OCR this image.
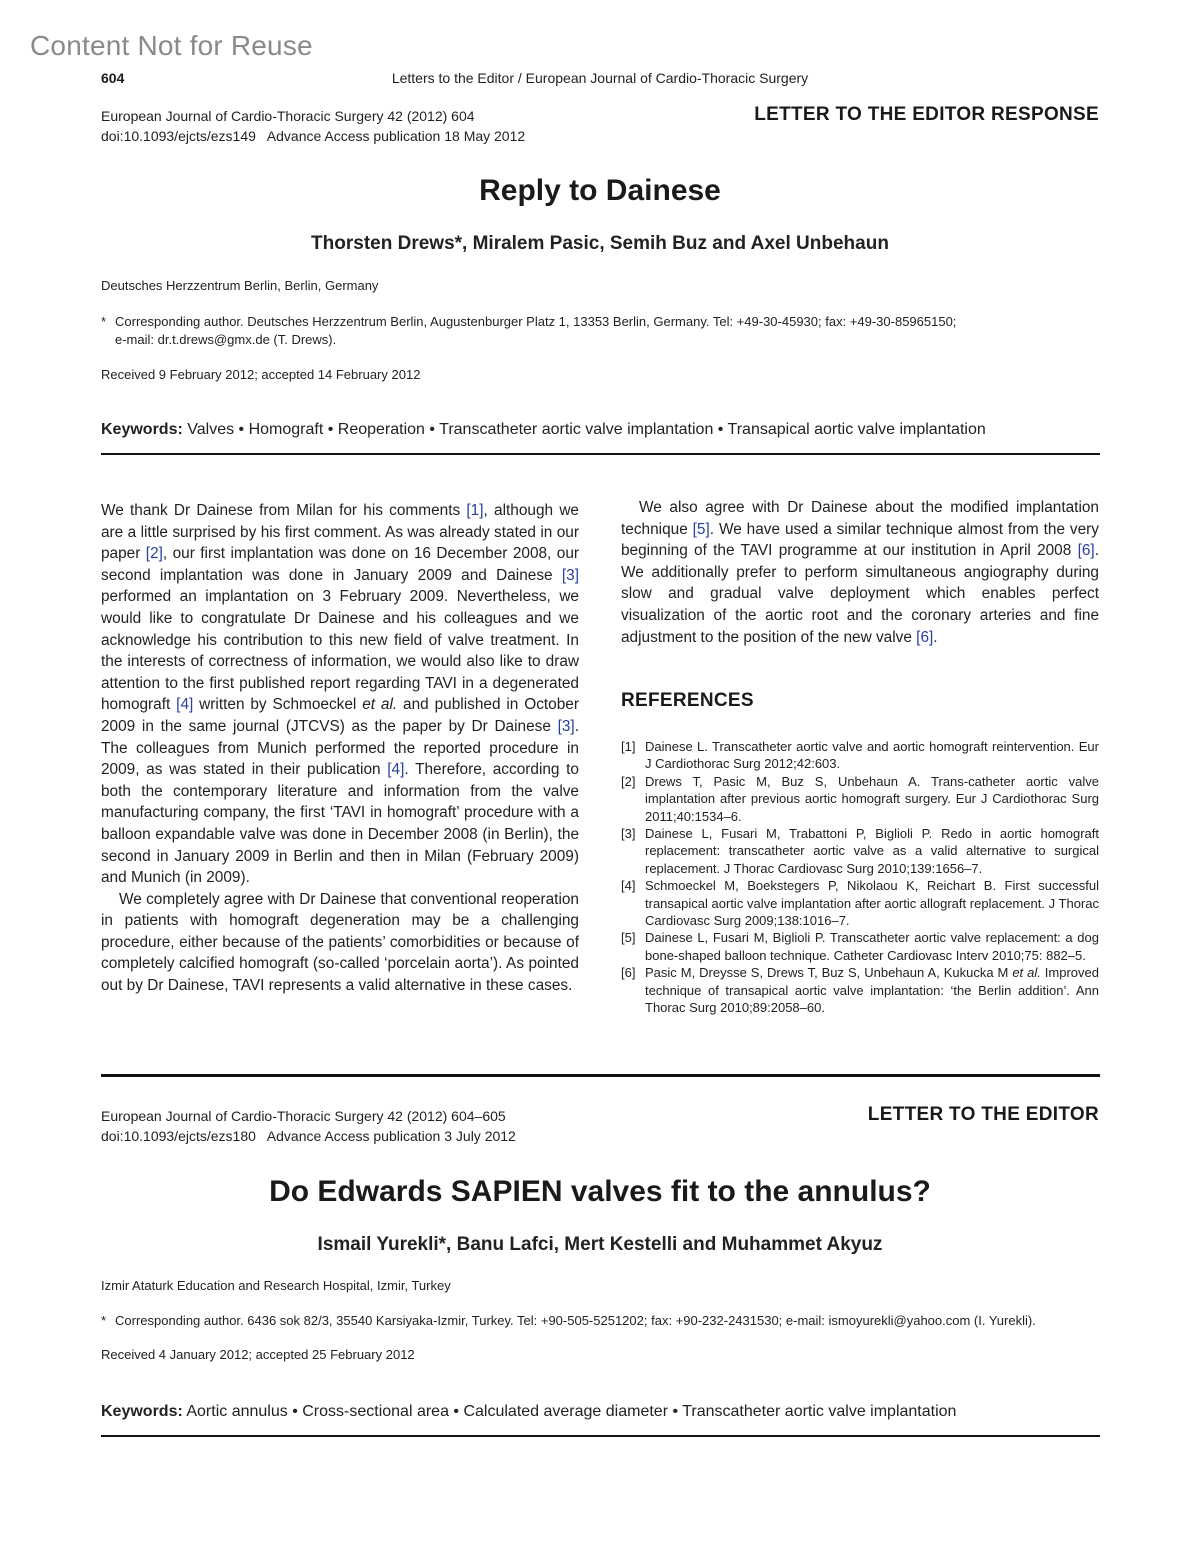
Content Not for Reuse
604	Letters to the Editor / European Journal of Cardio-Thoracic Surgery
European Journal of Cardio-Thoracic Surgery 42 (2012) 604
doi:10.1093/ejcts/ezs149   Advance Access publication 18 May 2012
LETTER TO THE EDITOR RESPONSE
Reply to Dainese
Thorsten Drews*, Miralem Pasic, Semih Buz and Axel Unbehaun
Deutsches Herzzentrum Berlin, Berlin, Germany
* Corresponding author. Deutsches Herzzentrum Berlin, Augustenburger Platz 1, 13353 Berlin, Germany. Tel: +49-30-45930; fax: +49-30-85965150;
e-mail: dr.t.drews@gmx.de (T. Drews).
Received 9 February 2012; accepted 14 February 2012
Keywords: Valves • Homograft • Reoperation • Transcatheter aortic valve implantation • Transapical aortic valve implantation

We thank Dr Dainese from Milan for his comments [1], although we are a little surprised by his first comment. As was already stated in our paper [2], our first implantation was done on 16 December 2008, our second implantation was done in January 2009 and Dainese [3] performed an implantation on 3 February 2009. Nevertheless, we would like to congratulate Dr Dainese and his colleagues and we acknowledge his contribution to this new field of valve treatment. In the interests of correctness of information, we would also like to draw attention to the first published report regarding TAVI in a degenerated homograft [4] written by Schmoeckel et al. and published in October 2009 in the same journal (JTCVS) as the paper by Dr Dainese [3]. The colleagues from Munich performed the reported procedure in 2009, as was stated in their publication [4]. Therefore, according to both the contemporary literature and information from the valve manufacturing company, the first ‘TAVI in homograft’ procedure with a balloon expandable valve was done in December 2008 (in Berlin), the second in January 2009 in Berlin and then in Milan (February 2009) and Munich (in 2009).

We completely agree with Dr Dainese that conventional reoperation in patients with homograft degeneration may be a challenging procedure, either because of the patients’ comorbidities or because of completely calcified homograft (so-called ‘porcelain aorta’). As pointed out by Dr Dainese, TAVI represents a valid alternative in these cases.

We also agree with Dr Dainese about the modified implantation technique [5]. We have used a similar technique almost from the very beginning of the TAVI programme at our institution in April 2008 [6]. We additionally prefer to perform simultaneous angiography during slow and gradual valve deployment which enables perfect visualization of the aortic root and the coronary arteries and fine adjustment to the position of the new valve [6].

REFERENCES
[1] Dainese L. Transcatheter aortic valve and aortic homograft reintervention. Eur J Cardiothorac Surg 2012;42:603.
[2] Drews T, Pasic M, Buz S, Unbehaun A. Trans-catheter aortic valve implantation after previous aortic homograft surgery. Eur J Cardiothorac Surg 2011;40:1534–6.
[3] Dainese L, Fusari M, Trabattoni P, Biglioli P. Redo in aortic homograft replacement: transcatheter aortic valve as a valid alternative to surgical replacement. J Thorac Cardiovasc Surg 2010;139:1656–7.
[4] Schmoeckel M, Boekstegers P, Nikolaou K, Reichart B. First successful transapical aortic valve implantation after aortic allograft replacement. J Thorac Cardiovasc Surg 2009;138:1016–7.
[5] Dainese L, Fusari M, Biglioli P. Transcatheter aortic valve replacement: a dog bone-shaped balloon technique. Catheter Cardiovasc Interv 2010;75: 882–5.
[6] Pasic M, Dreysse S, Drews T, Buz S, Unbehaun A, Kukucka M et al. Improved technique of transapical aortic valve implantation: ‘the Berlin addition’. Ann Thorac Surg 2010;89:2058–60.
European Journal of Cardio-Thoracic Surgery 42 (2012) 604–605
doi:10.1093/ejcts/ezs180   Advance Access publication 3 July 2012
LETTER TO THE EDITOR
Do Edwards SAPIEN valves fit to the annulus?
Ismail Yurekli*, Banu Lafci, Mert Kestelli and Muhammet Akyuz
Izmir Ataturk Education and Research Hospital, Izmir, Turkey
* Corresponding author. 6436 sok 82/3, 35540 Karsiyaka-Izmir, Turkey. Tel: +90-505-5251202; fax: +90-232-2431530; e-mail: ismoyurekli@yahoo.com (I. Yurekli).
Received 4 January 2012; accepted 25 February 2012
Keywords: Aortic annulus • Cross-sectional area • Calculated average diameter • Transcatheter aortic valve implantation
